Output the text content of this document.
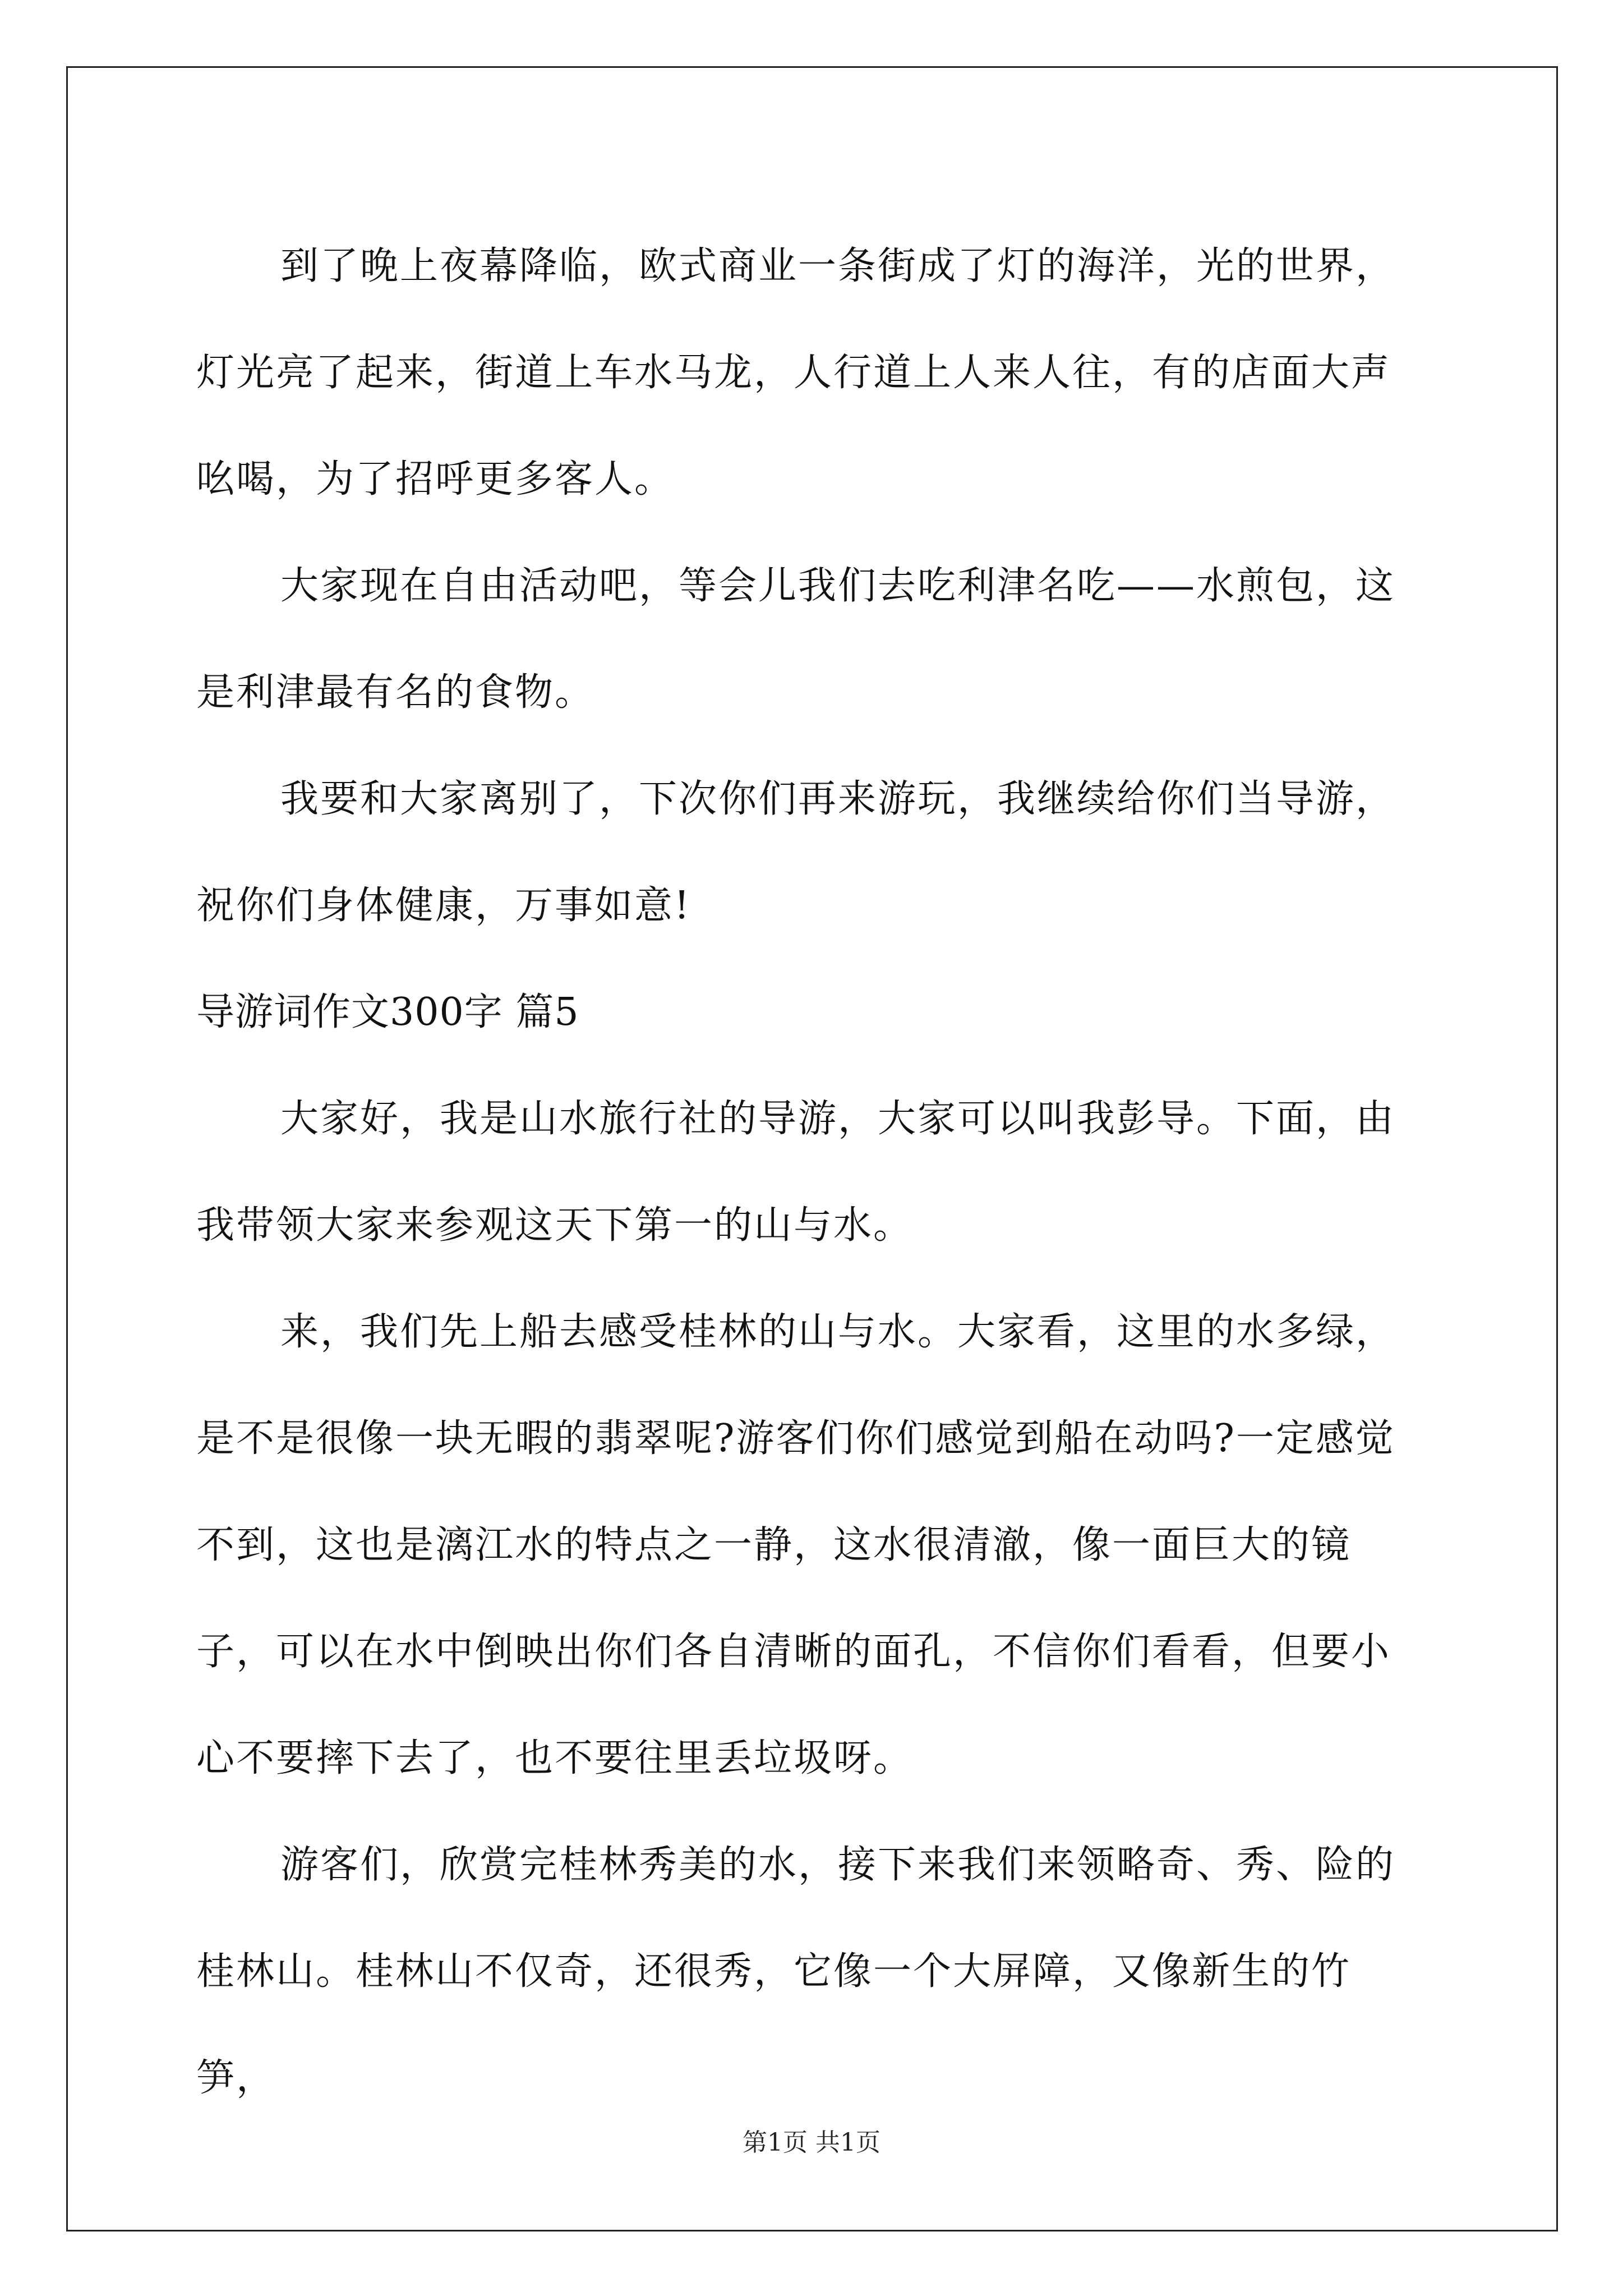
到了晚上夜幕降临，欧式商业一条街成了灯的海洋，光的世界，灯光亮了起来，街道上车水马龙，人行道上人来人往，有的店面大声吆喝，为了招呼更多客人。

大家现在自由活动吧，等会儿我们去吃利津名吃——水煎包，这是利津最有名的食物。

我要和大家离别了，下次你们再来游玩，我继续给你们当导游，祝你们身体健康，万事如意!

导游词作文300字 篇5

大家好，我是山水旅行社的导游，大家可以叫我彭导。下面，由我带领大家来参观这天下第一的山与水。

来，我们先上船去感受桂林的山与水。大家看，这里的水多绿，是不是很像一块无暇的翡翠呢?游客们你们感觉到船在动吗?一定感觉不到，这也是漓江水的特点之一静，这水很清澈，像一面巨大的镜子，可以在水中倒映出你们各自清晰的面孔，不信你们看看，但要小心不要摔下去了，也不要往里丢垃圾呀。

游客们，欣赏完桂林秀美的水，接下来我们来领略奇、秀、险的桂林山。桂林山不仅奇，还很秀，它像一个大屏障，又像新生的竹笋，

第1页 共1页
